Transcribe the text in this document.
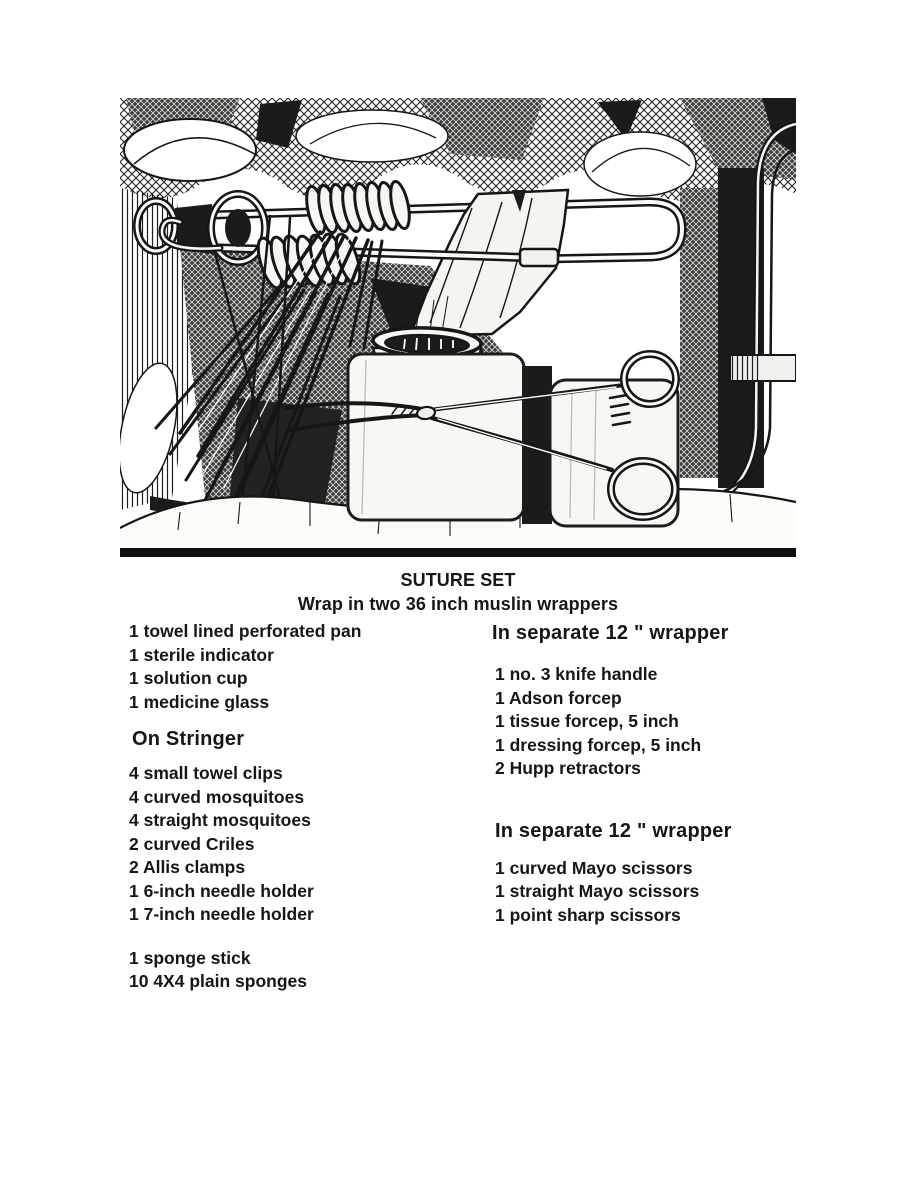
SUTURE SET
Wrap in two 36 inch muslin wrappers
1 towel lined perforated pan
1 sterile indicator
1 solution cup
1 medicine glass
On Stringer
4 small towel clips
4 curved mosquitoes
4 straight mosquitoes
2 curved Criles
2 Allis clamps
1 6-inch needle holder
1 7-inch needle holder
1 sponge stick
10 4X4 plain sponges
In separate 12 " wrapper
1 no. 3 knife handle
1 Adson forcep
1 tissue forcep, 5 inch
1 dressing forcep, 5 inch
2 Hupp retractors
In separate 12 " wrapper
1 curved Mayo scissors
1 straight Mayo scissors
1 point sharp scissors
